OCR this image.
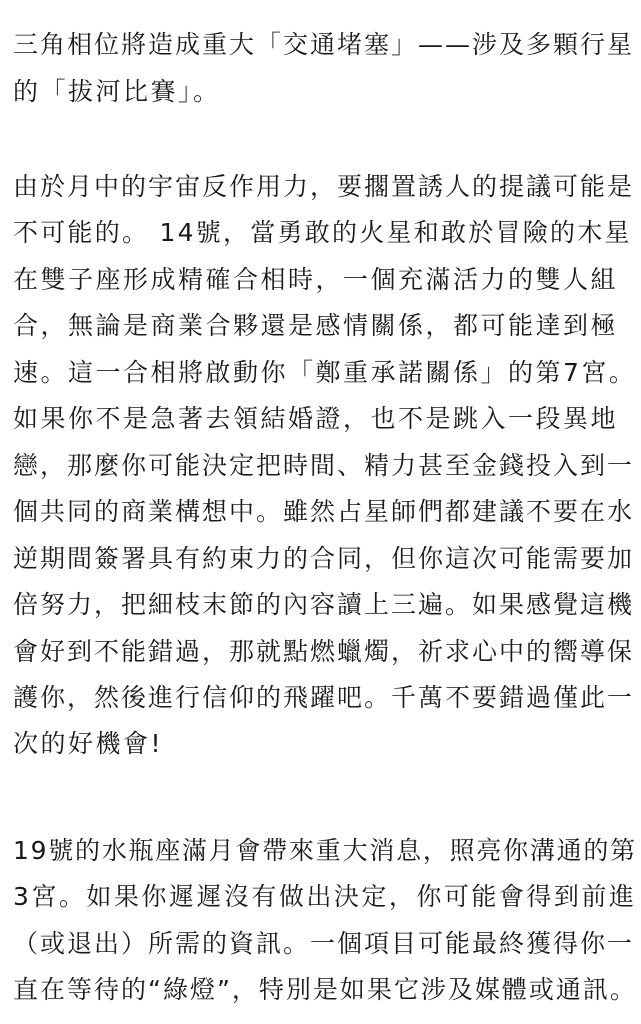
三角相位將造成重大「交通堵塞」——涉及多顆行星
的「拔河比賽」。
由於月中的宇宙反作用力，要擱置誘人的提議可能是
不可能的。 14號，當勇敢的火星和敢於冒險的木星
在雙子座形成精確合相時，一個充滿活力的雙人組
合，無論是商業合夥還是感情關係，都可能達到極
速。這一合相將啟動你「鄭重承諾關係」的第7宮。
如果你不是急著去領結婚證，也不是跳入一段異地
戀，那麼你可能決定把時間、精力甚至金錢投入到一
個共同的商業構想中。雖然占星師們都建議不要在水
逆期間簽署具有約束力的合同，但你這次可能需要加
倍努力，把細枝末節的內容讀上三遍。如果感覺這機
會好到不能錯過，那就點燃蠟燭，祈求心中的嚮導保
護你，然後進行信仰的飛躍吧。千萬不要錯過僅此一
次的好機會!
19號的水瓶座滿月會帶來重大消息，照亮你溝通的第
3宮。如果你遲遲沒有做出決定，你可能會得到前進
（或退出）所需的資訊。一個項目可能最終獲得你一
直在等待的“綠燈”，特別是如果它涉及媒體或通訊。
